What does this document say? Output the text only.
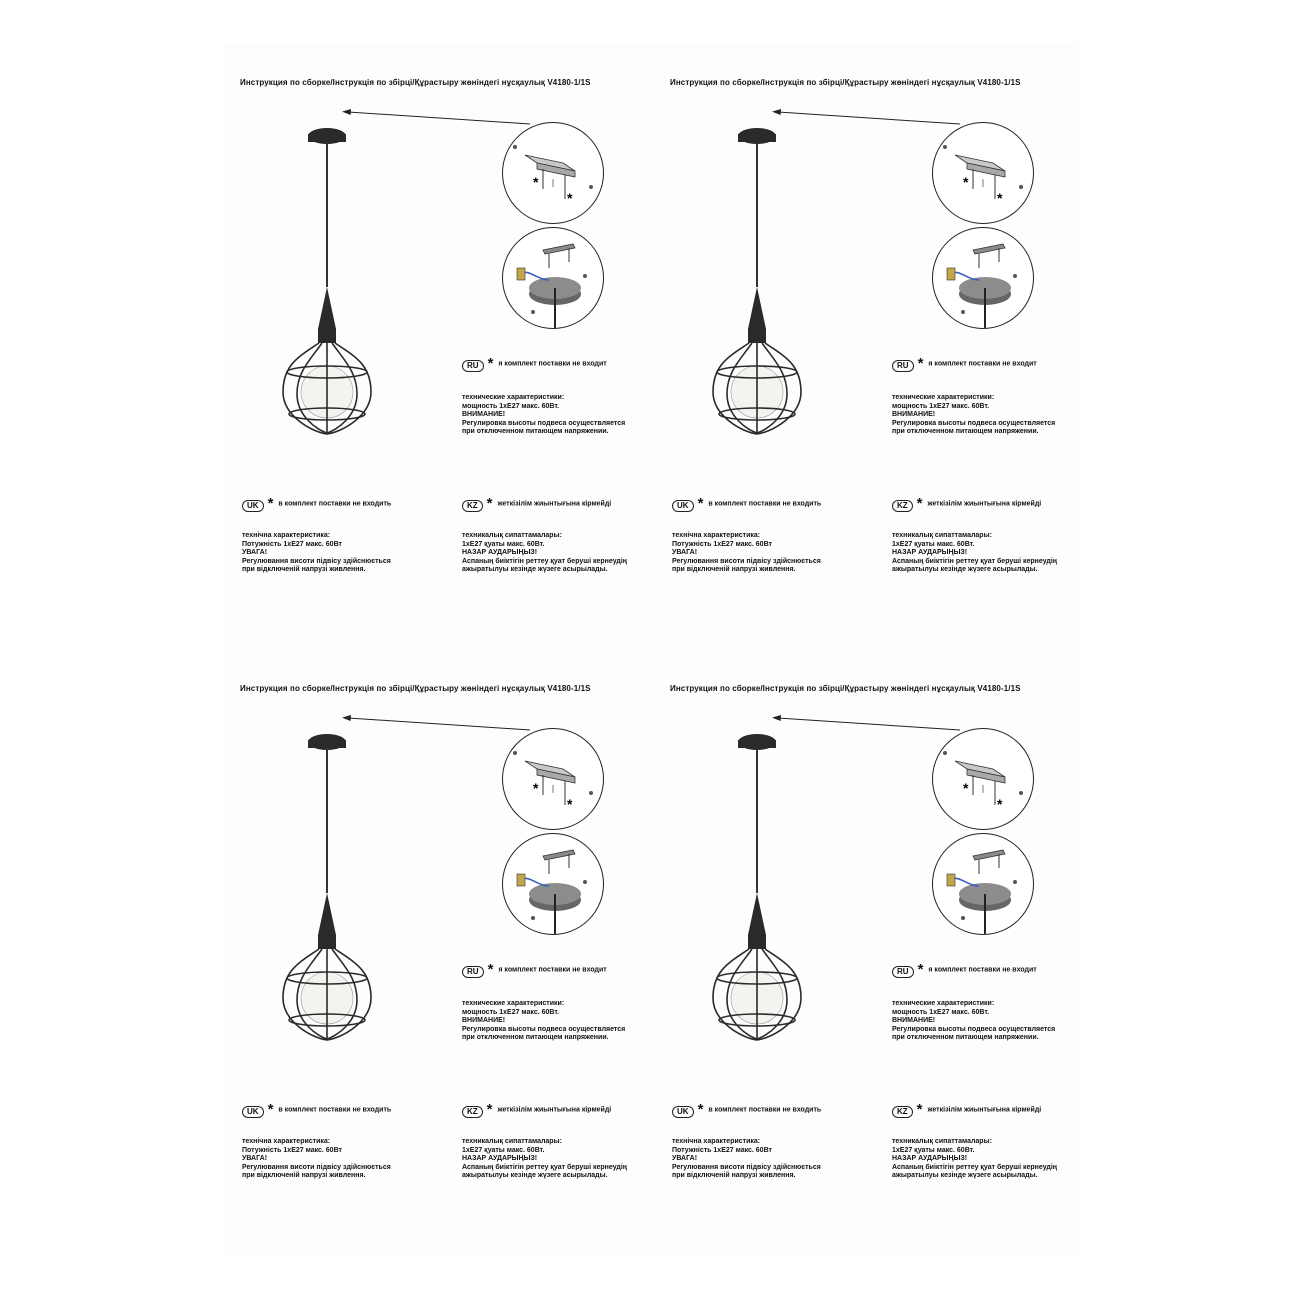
Инструкция по сборке/Інструкція по збірці/Құрастыру жөніндегі нұсқаулық V4180-1/1S
*
*
RU * я комплект поставки не входит
технические характеристики:
мощность 1хЕ27 макс. 60Вт.
ВНИМАНИЕ!
Регулировка высоты подвеса осуществляется
при отключенном питающем напряжении.
UK * в комплект поставки не входить
технічна характеристика:
Потужність 1хЕ27 макс. 60Вт
УВАГА!
Регулювання висоти підвісу здійснюється
при відключеній напрузі живлення.
KZ * жеткізілім жиынтығына кірмейді
техникалық сипаттамалары:
1хЕ27 қуаты макс. 60Вт.
НАЗАР АУДАРЫҢЫЗ!
Аспаның биіктігін реттеу қуат беруші кернеудің
ажыратылуы кезінде жүзеге асырылады.
Инструкция по сборке/Інструкція по збірці/Құрастыру жөніндегі нұсқаулық V4180-1/1S
*
*
RU * я комплект поставки не входит
технические характеристики:
мощность 1хЕ27 макс. 60Вт.
ВНИМАНИЕ!
Регулировка высоты подвеса осуществляется
при отключенном питающем напряжении.
UK * в комплект поставки не входить
технічна характеристика:
Потужність 1хЕ27 макс. 60Вт
УВАГА!
Регулювання висоти підвісу здійснюється
при відключеній напрузі живлення.
KZ * жеткізілім жиынтығына кірмейді
техникалық сипаттамалары:
1хЕ27 қуаты макс. 60Вт.
НАЗАР АУДАРЫҢЫЗ!
Аспаның биіктігін реттеу қуат беруші кернеудің
ажыратылуы кезінде жүзеге асырылады.
Инструкция по сборке/Інструкція по збірці/Құрастыру жөніндегі нұсқаулық V4180-1/1S
*
*
RU * я комплект поставки не входит
технические характеристики:
мощность 1хЕ27 макс. 60Вт.
ВНИМАНИЕ!
Регулировка высоты подвеса осуществляется
при отключенном питающем напряжении.
UK * в комплект поставки не входить
технічна характеристика:
Потужність 1хЕ27 макс. 60Вт
УВАГА!
Регулювання висоти підвісу здійснюється
при відключеній напрузі живлення.
KZ * жеткізілім жиынтығына кірмейді
техникалық сипаттамалары:
1хЕ27 қуаты макс. 60Вт.
НАЗАР АУДАРЫҢЫЗ!
Аспаның биіктігін реттеу қуат беруші кернеудің
ажыратылуы кезінде жүзеге асырылады.
Инструкция по сборке/Інструкція по збірці/Құрастыру жөніндегі нұсқаулық V4180-1/1S
*
*
RU * я комплект поставки не входит
технические характеристики:
мощность 1хЕ27 макс. 60Вт.
ВНИМАНИЕ!
Регулировка высоты подвеса осуществляется
при отключенном питающем напряжении.
UK * в комплект поставки не входить
технічна характеристика:
Потужність 1хЕ27 макс. 60Вт
УВАГА!
Регулювання висоти підвісу здійснюється
при відключеній напрузі живлення.
KZ * жеткізілім жиынтығына кірмейді
техникалық сипаттамалары:
1хЕ27 қуаты макс. 60Вт.
НАЗАР АУДАРЫҢЫЗ!
Аспаның биіктігін реттеу қуат беруші кернеудің
ажыратылуы кезінде жүзеге асырылады.
